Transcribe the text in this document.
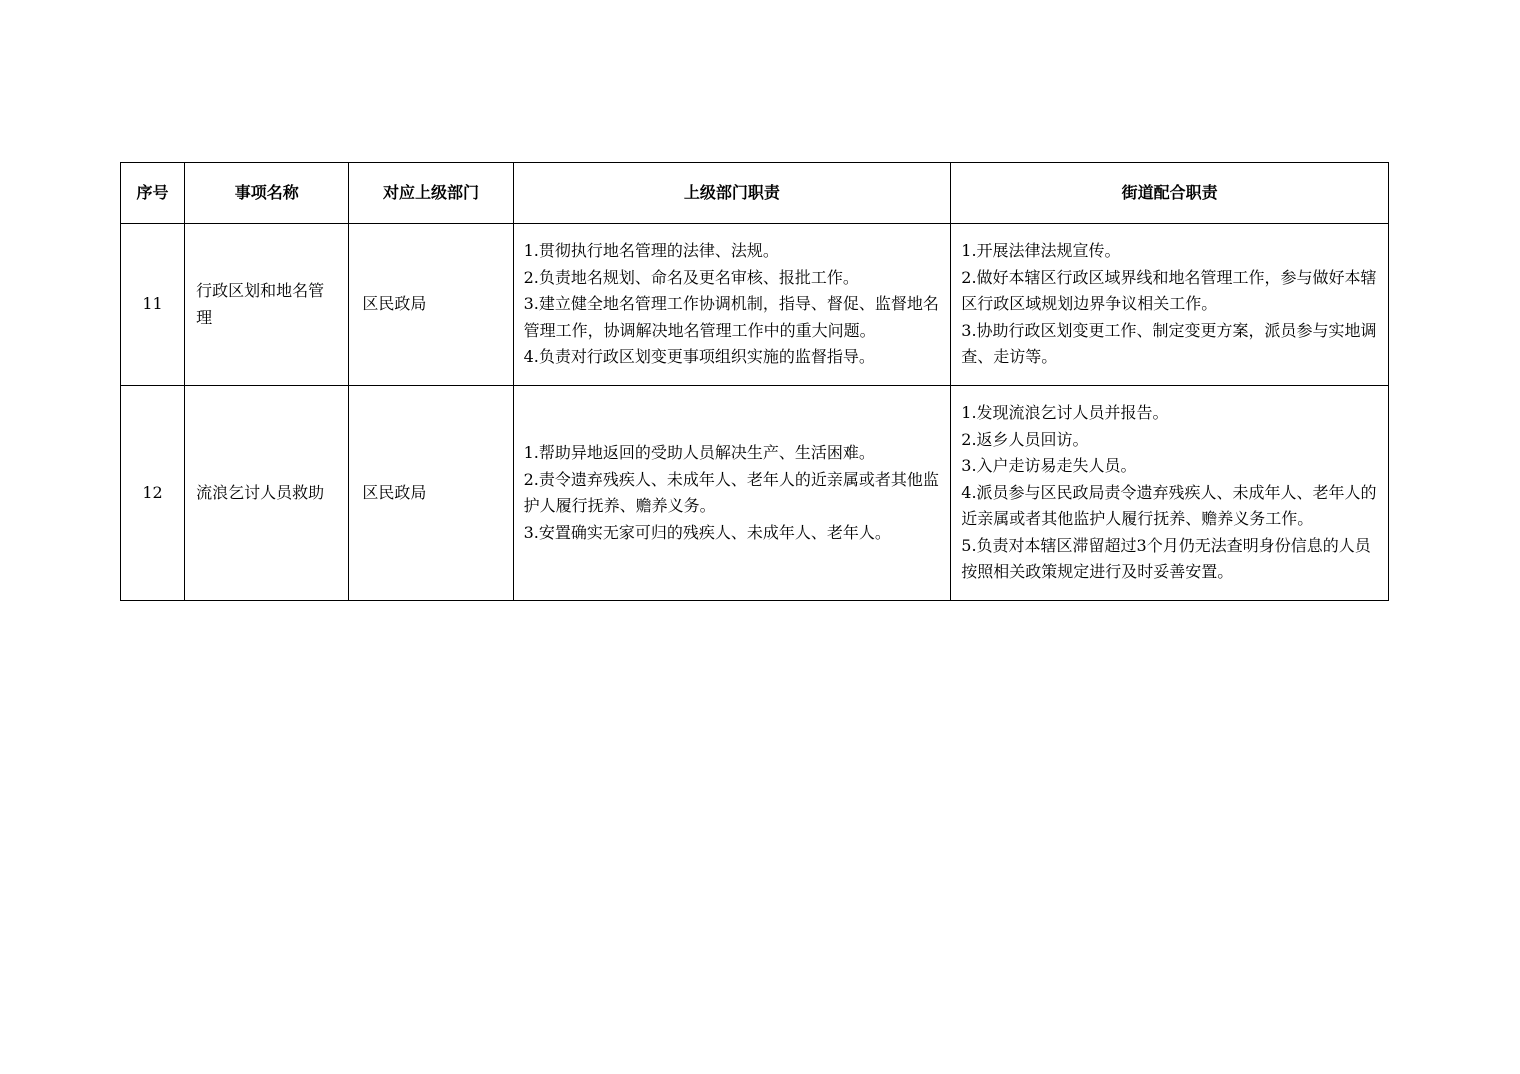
序号	事项名称	对应上级部门	上级部门职责	街道配合职责
11	行政区划和地名管理	区民政局	1.贯彻执行地名管理的法律、法规。
2.负责地名规划、命名及更名审核、报批工作。
3.建立健全地名管理工作协调机制，指导、督促、监督地名管理工作，协调解决地名管理工作中的重大问题。
4.负责对行政区划变更事项组织实施的监督指导。	1.开展法律法规宣传。
2.做好本辖区行政区域界线和地名管理工作，参与做好本辖区行政区域规划边界争议相关工作。
3.协助行政区划变更工作、制定变更方案，派员参与实地调查、走访等。

12	流浪乞讨人员救助	区民政局	1.帮助异地返回的受助人员解决生产、生活困难。
2.责令遗弃残疾人、未成年人、老年人的近亲属或者其他监护人履行抚养、赡养义务。
3.安置确实无家可归的残疾人、未成年人、老年人。	1.发现流浪乞讨人员并报告。
2.返乡人员回访。
3.入户走访易走失人员。
4.派员参与区民政局责令遗弃残疾人、未成年人、老年人的近亲属或者其他监护人履行抚养、赡养义务工作。
5.负责对本辖区滞留超过3个月仍无法查明身份信息的人员按照相关政策规定进行及时妥善安置。
